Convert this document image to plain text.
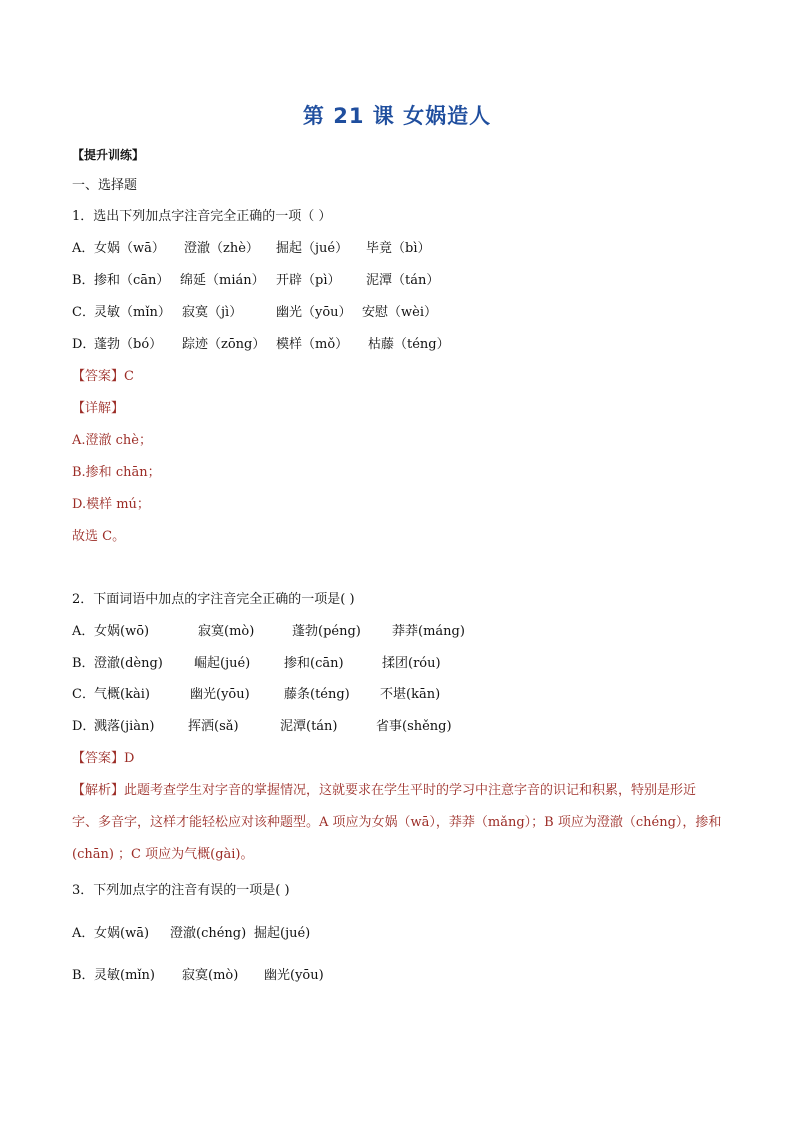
第 21 课 女娲造人
【提升训练】
一、选择题
1．选出下列加点字注音完全正确的一项（ ）
A． 女娲（wā） 澄澈（zhè） 掘起（jué） 毕竟（bì）
B． 掺和（cān） 绵延（mián） 开辟（pì） 泥潭（tán）
C． 灵敏（mǐn） 寂寞（jì）	幽光（yōu） 安慰（wèi）
D．
蓬勃（bó） 踪迹（zōng） 模样（mǒ） 枯藤（téng）
【答案】C
【详解】
A.澄澈 chè；
B.掺和 chān；
D.模样 mú；
故选 C。
2．下面词语中加点的字注音完全正确的一项是( )
A． 女娲(wō)	寂寞(mò)	蓬勃(péng) 莽莽(máng)
B． 澄澈(dèng) 崛起(jué)	掺和(cān)	揉团(róu)
C． 气概(kài)	幽光(yōu)	藤条(téng) 不堪(kān)
D．
溅落(jiàn)	挥洒(sǎ)	泥潭(tán)	省事(shěng)
【答案】D
【解析】此题考查学生对字音的掌握情况，这就要求在学生平时的学习中注意字音的识记和积累，特别是形近字、多音字，这样才能轻松应对该种题型。A 项应为女娲（wā），莽莽（mǎng）；B 项应为澄澈（chéng），掺和(chān) ；C 项应为气概(gài)。
3．下列加点字的注音有误的一项是( )
A． 女娲(wā) 澄澈(chéng) 掘起(jué)
B． 灵敏(mǐn) 寂寞(mò) 幽光(yōu)
